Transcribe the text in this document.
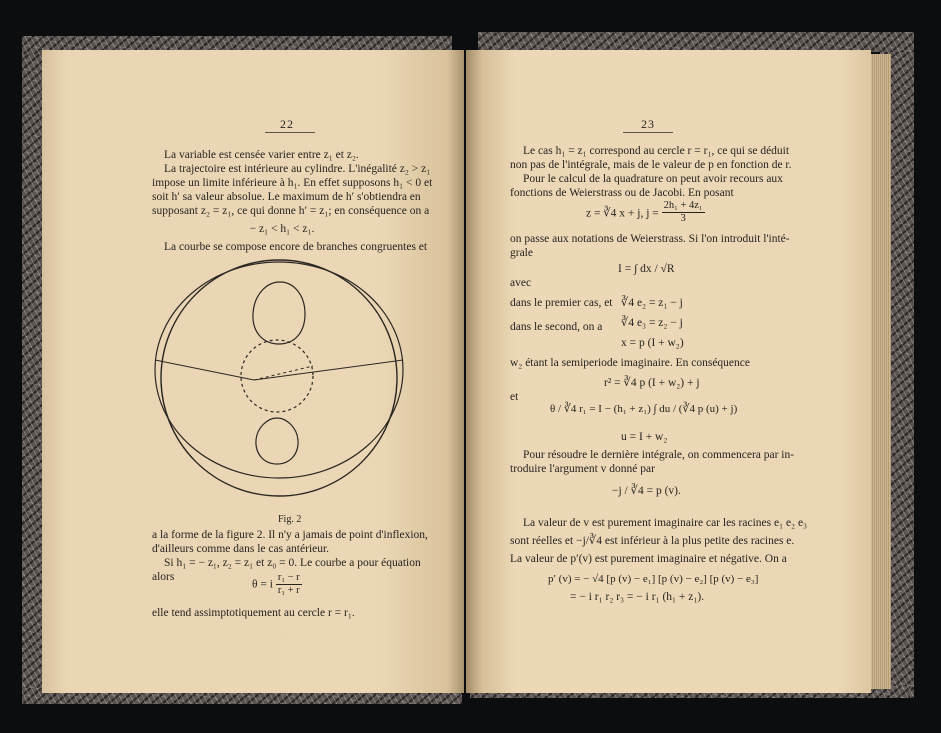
22
La variable est censée varier entre z₁ et z₂.
La trajectoire est intérieure au cylindre. L'inégalité z₂ > z₁
impose un limite inférieure à h₁. En effet supposons h₁ < 0 et
soit h′ sa valeur absolue. Le maximum de h′ s'obtiendra en
supposant z₂ = z₁, ce qui donne h′ = z₁; en conséquence on a
− z₁ < h₁ < z₁.
La courbe se compose encore de branches congruentes et
Fig. 2
a la forme de la figure 2. Il n'y a jamais de point d'inflexion,
d'ailleurs comme dans le cas antérieur.
Si h₁ = − z₁, z₂ = z₁ et z₀ = 0. Le courbe a pour équation
alors
θ = i $\frac{\text{r₁ − r}}{\text{r₁ + r}}$
elle tend assimptotiquement au cercle r = r₁.
23
Le cas h₁ = z₁ correspond au cercle r = r₁, ce qui se déduit
non pas de l'intégrale, mais de le valeur de p en fonction de r.
Pour le calcul de la quadrature on peut avoir recours aux
fonctions de Weierstrass ou de Jacobi. En posant
z = ∛4 x + j, $j = \frac{\text{2h₁ + 4z₁}}{3}$
on passe aux notations de Weierstrass. Si l'on introduit l'inté-
grale
I = ∫ dx / √R
avec
dans le premier cas, et ∛4 e₂ = z₁ − j
dans le second, on a ∛4 e₃ = z₂ − j
x = p (I + w₂)
w₂ étant la semiperiode imaginaire. En conséquence
r² = ∛4 p (I + w₂) + j
et
θ / ∛4 r₁ = I − (h₁ + z₁) ∫ du / (∛4 p (u) + j)
u = I + w₂
Pour résoudre le dernière intégrale, on commencera par in-
troduire l'argument v donné par
−j / ∛4 = p (v).
La valeur de v est purement imaginaire car les racines e₁ e₂ e₃
sont réelles et −j/∛4 est inférieur à la plus petite des racines e.
La valeur de p′(v) est purement imaginaire et négative. On a
p′ (v) = − √4 [p (v) − e₁] [p (v) − e₂] [p (v) − e₃]
= − i r₁ r₂ r₃ = − i r₁ (h₁ + z₁).
